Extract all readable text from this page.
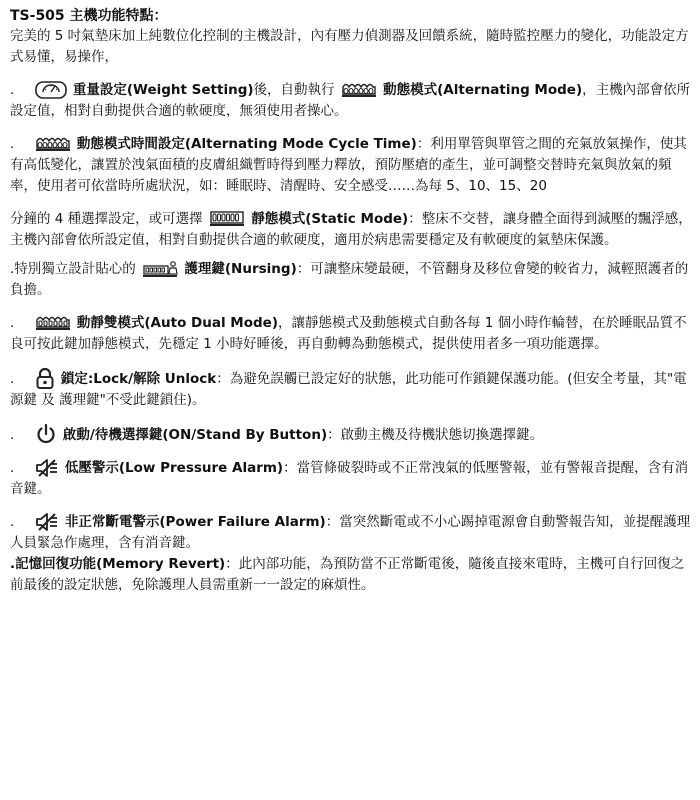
TS-505 主機功能特點：

完美的 5 吋氣墊床加上純數位化控制的主機設計，內有壓力偵測器及回饋系統，隨時監控壓力的變化，功能設定方式易懂，易操作，

.	重量設定(Weight Setting)後，自動執行	動態模式(Alternating Mode)，主機內部會依所設定值，相對自動提供合適的軟硬度，無須使用者操心。

.	動態模式時間設定(Alternating Mode Cycle Time)：利用單管與單管之間的充氣放氣操作，使其有高低變化，讓置於洩氣面積的皮膚組織暫時得到壓力釋放，預防壓瘡的產生，並可調整交替時充氣與放氣的頻率，使用者可依當時所處狀況，如：睡眠時、清醒時、安全感受……為每 5、10、15、20

分鐘的 4 種選擇設定，或可選擇	靜態模式(Static Mode)：整床不交替，讓身體全面得到減壓的飄浮感，主機內部會依所設定值，相對自動提供合適的軟硬度，適用於病患需要穩定及有軟硬度的氣墊床保護。

.特別獨立設計貼心的	護理鍵(Nursing)：可讓整床變最硬，不管翻身及移位會變的較省力，減輕照護者的負擔。

.	動靜雙模式(Auto Dual Mode)，讓靜態模式及動態模式自動各每 1 個小時作輪替，在於睡眠品質不良可按此鍵加靜態模式，先穩定 1 小時好睡後，再自動轉為動態模式，提供使用者多一項功能選擇。

.	鎖定:Lock/解除 Unlock：為避免誤觸已設定好的狀態，此功能可作鎖鍵保護功能。(但安全考量，其"電源鍵 及 護理鍵"不受此鍵鎖住)。

.	啟動/待機選擇鍵(ON/Stand By Button)：啟動主機及待機狀態切換選擇鍵。

.	低壓警示(Low Pressure Alarm)：當管條破裂時或不正常洩氣的低壓警報，並有警報音提醒，含有消音鍵。

.	非正常斷電警示(Power Failure Alarm)：當突然斷電或不小心踢掉電源會自動警報告知，並提醒護理人員緊急作處理，含有消音鍵。

.記憶回復功能(Memory Revert)：此內部功能，為預防當不正常斷電後，隨後直接來電時，主機可自行回復之前最後的設定狀態，免除護理人員需重新一一設定的麻煩性。
